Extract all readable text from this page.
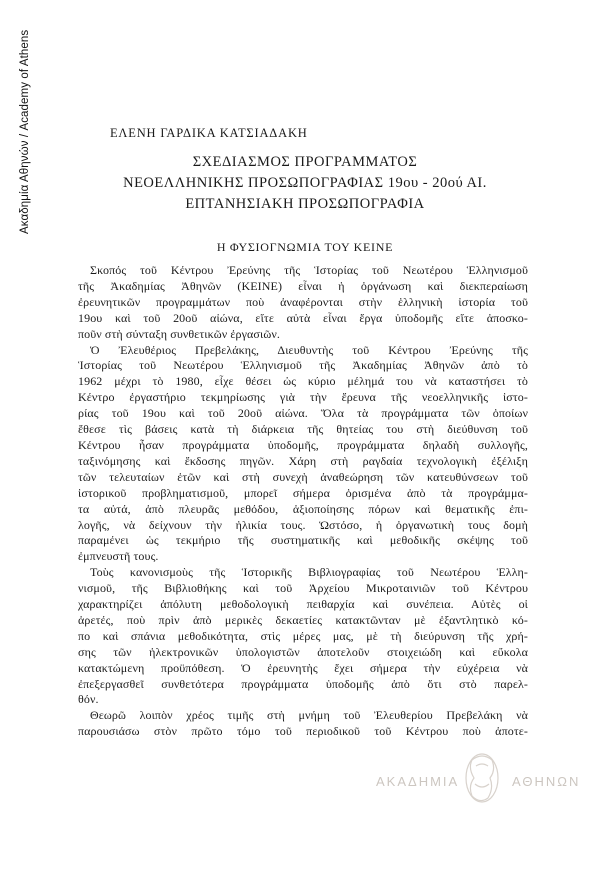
Ακαδημία Αθηνών / Academy of Athens	ΕΛΕΝΗ ΓΑΡΔΙΚΑ ΚΑΤΣΙΑΔΑΚΗ
ΣΧΕΔΙΑΣΜΟΣ ΠΡΟΓΡΑΜΜΑΤΟΣ
ΝΕΟΕΛΛΗΝΙΚΗΣ ΠΡΟΣΩΠΟΓΡΑΦΙΑΣ 19ου - 20ού ΑΙ.
ΕΠΤΑΝΗΣΙΑΚΗ ΠΡΟΣΩΠΟΓΡΑΦΙΑ
Η ΦΥΣΙΟΓΝΩΜΙΑ ΤΟΥ ΚΕΙΝΕ
Σκοπός τοῦ Κέντρου Ἐρεύνης τῆς Ἱστορίας τοῦ Νεωτέρου Ἑλληνισμοῦ
τῆς Ἀκαδημίας Ἀθηνῶν (ΚΕΙΝΕ) εἶναι ἡ ὀργάνωση καὶ διεκπεραίωση
ἐρευνητικῶν προγραμμάτων ποὺ ἀναφέρονται στὴν ἑλληνικὴ ἱστορία τοῦ
19ου καὶ τοῦ 20οῦ αἰώνα, εἴτε αὐτὰ εἶναι ἔργα ὑποδομῆς εἴτε ἀποσκο-
ποῦν στὴ σύνταξη συνθετικῶν ἐργασιῶν.
Ὁ Ἐλευθέριος Πρεβελάκης, Διευθυντὴς τοῦ Κέντρου Ἐρεύνης τῆς
Ἱστορίας τοῦ Νεωτέρου Ἑλληνισμοῦ τῆς Ἀκαδημίας Ἀθηνῶν ἀπὸ τὸ
1962 μέχρι τὸ 1980, εἶχε θέσει ὡς κύριο μέλημά του νὰ καταστήσει τὸ
Κέντρο ἐργαστήριο τεκμηρίωσης γιὰ τὴν ἔρευνα τῆς νεοελληνικῆς ἱστο-
ρίας τοῦ 19ου καὶ τοῦ 20οῦ αἰώνα. Ὅλα τὰ προγράμματα τῶν ὁποίων
ἔθεσε τὶς βάσεις κατὰ τὴ διάρκεια τῆς θητείας του στὴ διεύθυνση τοῦ
Κέντρου ἦσαν προγράμματα ὑποδομῆς, προγράμματα δηλαδὴ συλλογῆς,
ταξινόμησης καὶ ἔκδοσης πηγῶν. Χάρη στὴ ραγδαία τεχνολογικὴ ἐξέλιξη
τῶν τελευταίων ἐτῶν καὶ στὴ συνεχὴ ἀναθεώρηση τῶν κατευθύνσεων τοῦ
ἱστορικοῦ προβληματισμοῦ, μπορεῖ σήμερα ὁρισμένα ἀπὸ τὰ προγράμμα-
τα αὐτά, ἀπὸ πλευρᾶς μεθόδου, ἀξιοποίησης πόρων καὶ θεματικῆς ἐπι-
λογῆς, νὰ δείχνουν τὴν ἡλικία τους. Ὡστόσο, ἡ ὀργανωτικὴ τους δομὴ
παραμένει ὡς τεκμήριο τῆς συστηματικῆς καὶ μεθοδικῆς σκέψης τοῦ
ἐμπνευστῆ τους.
Τοὺς κανονισμοὺς τῆς Ἱστορικῆς Βιβλιογραφίας τοῦ Νεωτέρου Ἑλλη-
νισμοῦ, τῆς Βιβλιοθήκης καὶ τοῦ Ἀρχείου Μικροταινιῶν τοῦ Κέντρου
χαρακτηρίζει ἀπόλυτη μεθοδολογικὴ πειθαρχία καὶ συνέπεια. Αὐτὲς οἱ
ἀρετές, ποὺ πρὶν ἀπὸ μερικὲς δεκαετίες κατακτῶνταν μὲ ἐξαντλητικὸ κό-
πο καὶ σπάνια μεθοδικότητα, στὶς μέρες μας, μὲ τὴ διεύρυνση τῆς χρή-
σης τῶν ἠλεκτρονικῶν ὑπολογιστῶν ἀποτελοῦν στοιχειώδη καὶ εὔκολα
κατακτώμενη προϋπόθεση. Ὁ ἐρευνητὴς ἔχει σήμερα τὴν εὐχέρεια νὰ
ἐπεξεργασθεῖ συνθετότερα προγράμματα ὑποδομῆς ἀπὸ ὅτι στὸ παρελ-
θόν.
Θεωρῶ λοιπὸν χρέος τιμῆς στὴ μνήμη τοῦ Ἐλευθερίου Πρεβελάκη νὰ
παρουσιάσω στὸν πρῶτο τόμο τοῦ περιοδικοῦ τοῦ Κέντρου ποὺ ἀποτε-
ΑΚΑΔΗΜΙΑ	ΑΘΗΝΩΝ
